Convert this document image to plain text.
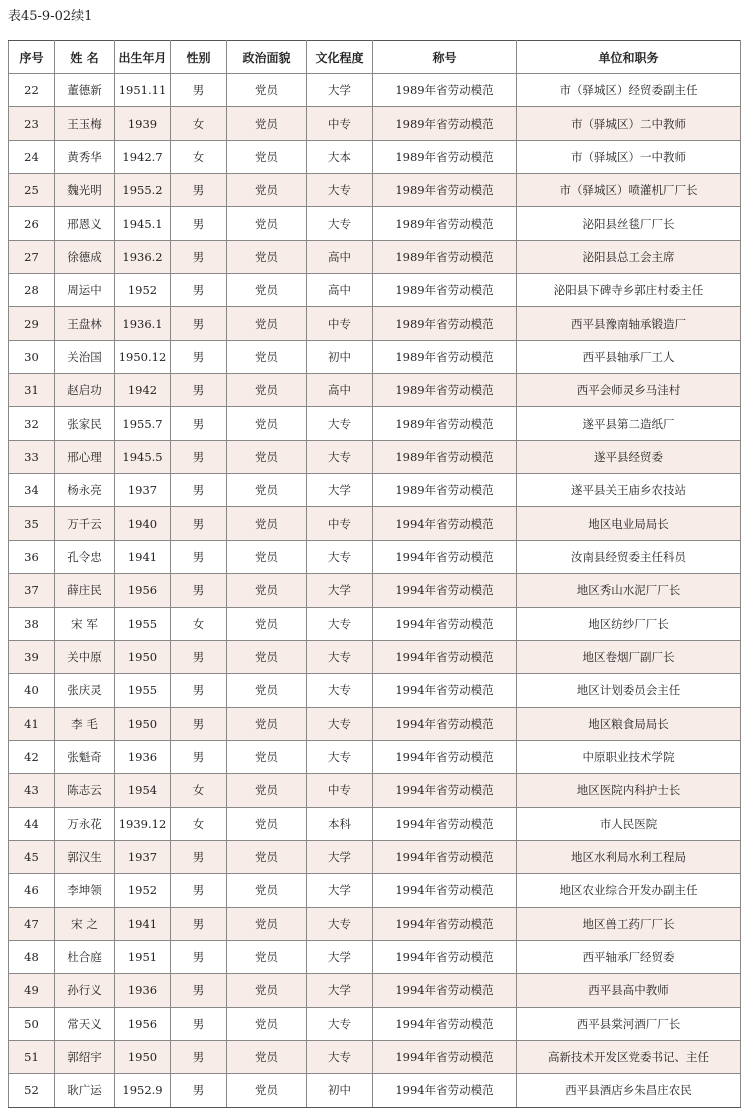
表45-9-02续1
序号	姓 名	出生年月	性别	政治面貌	文化程度	称号	单位和职务
22	董德新	1951.11	男	党员	大学	1989年省劳动模范	市（驿城区）经贸委副主任
23	王玉梅	1939	女	党员	中专	1989年省劳动模范	市（驿城区）二中教师
24	黄秀华	1942.7	女	党员	大本	1989年省劳动模范	市（驿城区）一中教师
25	魏光明	1955.2	男	党员	大专	1989年省劳动模范	市（驿城区）喷灌机厂厂长
26	邢恩义	1945.1	男	党员	大专	1989年省劳动模范	泌阳县丝毯厂厂长
27	徐德成	1936.2	男	党员	高中	1989年省劳动模范	泌阳县总工会主席
28	周运中	1952	男	党员	高中	1989年省劳动模范	泌阳县下碑寺乡郭庄村委主任
29	王盘林	1936.1	男	党员	中专	1989年省劳动模范	西平县豫南轴承锻造厂
30	关治国	1950.12	男	党员	初中	1989年省劳动模范	西平县轴承厂工人
31	赵启功	1942	男	党员	高中	1989年省劳动模范	西平会师灵乡马洼村
32	张家民	1955.7	男	党员	大专	1989年省劳动模范	遂平县第二造纸厂
33	邢心理	1945.5	男	党员	大专	1989年省劳动模范	遂平县经贸委
34	杨永亮	1937	男	党员	大学	1989年省劳动模范	遂平县关王庙乡农技站
35	万千云	1940	男	党员	中专	1994年省劳动模范	地区电业局局长
36	孔令忠	1941	男	党员	大专	1994年省劳动模范	汝南县经贸委主任科员
37	薛庄民	1956	男	党员	大学	1994年省劳动模范	地区秀山水泥厂厂长
38	宋 军	1955	女	党员	大专	1994年省劳动模范	地区纺纱厂厂长
39	关中原	1950	男	党员	大专	1994年省劳动模范	地区卷烟厂副厂长
40	张庆灵	1955	男	党员	大专	1994年省劳动模范	地区计划委员会主任
41	李 毛	1950	男	党员	大专	1994年省劳动模范	地区粮食局局长
42	张魁奇	1936	男	党员	大专	1994年省劳动模范	中原职业技术学院
43	陈志云	1954	女	党员	中专	1994年省劳动模范	地区医院内科护士长
44	万永花	1939.12	女	党员	本科	1994年省劳动模范	市人民医院
45	郭汉生	1937	男	党员	大学	1994年省劳动模范	地区水利局水利工程局
46	李坤领	1952	男	党员	大学	1994年省劳动模范	地区农业综合开发办副主任
47	宋 之	1941	男	党员	大专	1994年省劳动模范	地区兽工药厂厂长
48	杜合庭	1951	男	党员	大学	1994年省劳动模范	西平轴承厂经贸委
49	孙行义	1936	男	党员	大学	1994年省劳动模范	西平县高中教师
50	常天义	1956	男	党员	大专	1994年省劳动模范	西平县棠河酒厂厂长
51	郭绍宇	1950	男	党员	大专	1994年省劳动模范	高新技术开发区党委书记、主任
52	耿广运	1952.9	男	党员	初中	1994年省劳动模范	西平县酒店乡朱昌庄农民
